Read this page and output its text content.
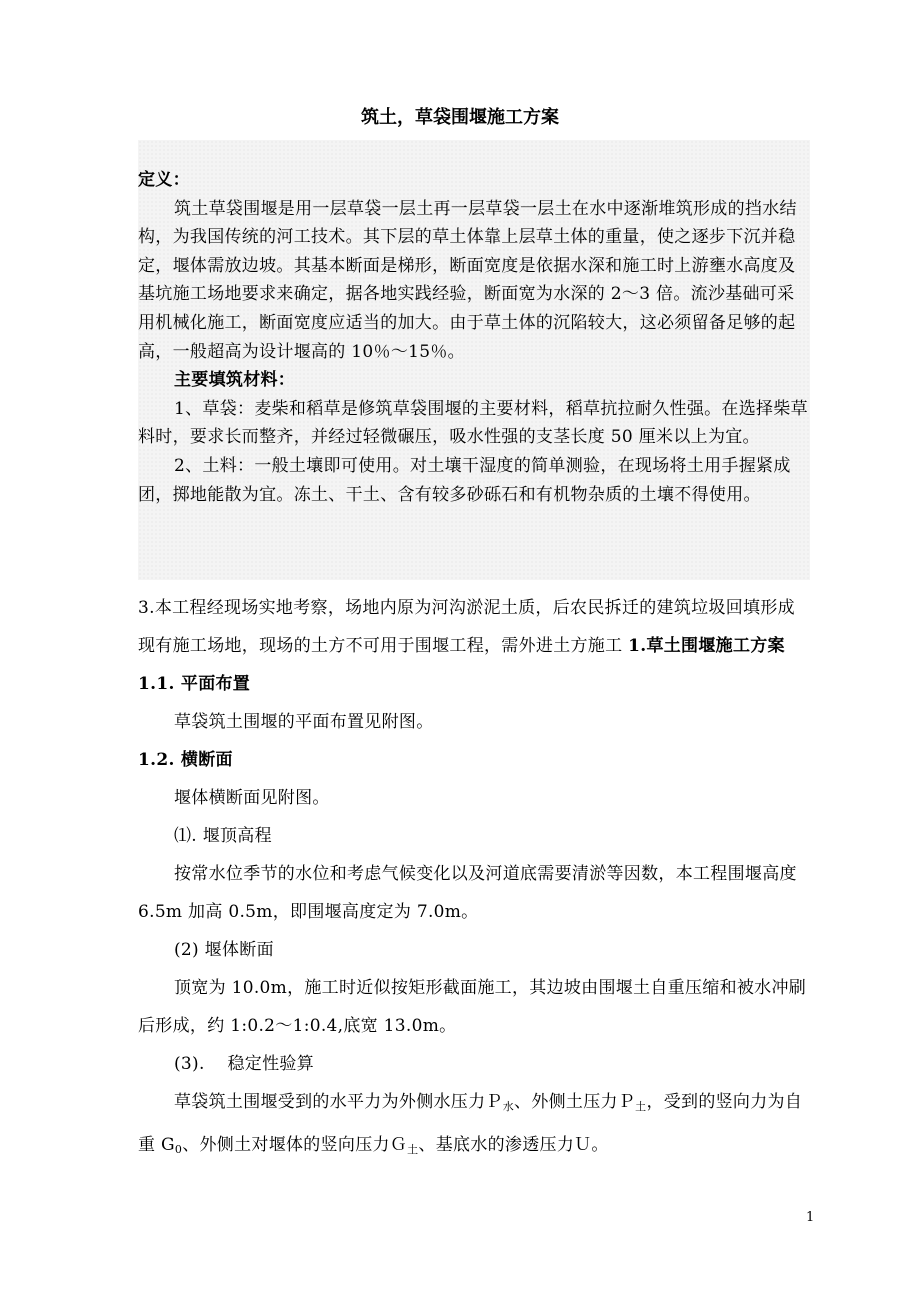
筑土，草袋围堰施工方案

定义：

筑土草袋围堰是用一层草袋一层土再一层草袋一层土在水中逐渐堆筑形成的挡水结构，为我国传统的河工技术。其下层的草土体靠上层草土体的重量，使之逐步下沉并稳定，堰体需放边坡。其基本断面是梯形，断面宽度是依据水深和施工时上游壅水高度及基坑施工场地要求来确定，据各地实践经验，断面宽为水深的 2～3 倍。流沙基础可采用机械化施工，断面宽度应适当的加大。由于草土体的沉陷较大，这必须留备足够的起高，一般超高为设计堰高的 10％～15％。

主要填筑材料：

1、草袋：麦柴和稻草是修筑草袋围堰的主要材料，稻草抗拉耐久性强。在选择柴草料时，要求长而整齐，并经过轻微碾压，吸水性强的支茎长度 50 厘米以上为宜。

2、土料：一般土壤即可使用。对土壤干湿度的简单测验，在现场将土用手握紧成团，掷地能散为宜。冻土、干土、含有较多砂砾石和有机物杂质的土壤不得使用。

3.本工程经现场实地考察，场地内原为河沟淤泥土质，后农民拆迁的建筑垃圾回填形成现有施工场地，现场的土方不可用于围堰工程，需外进土方施工 1.草土围堰施工方案

1.1. 平面布置

草袋筑土围堰的平面布置见附图。

1.2. 横断面

堰体横断面见附图。

⑴. 堰顶高程

按常水位季节的水位和考虑气候变化以及河道底需要清淤等因数，本工程围堰高度 6.5m 加高 0.5m，即围堰高度定为 7.0m。

(2) 堰体断面

顶宽为 10.0m，施工时近似按矩形截面施工，其边坡由围堰土自重压缩和被水冲刷后形成，约 1:0.2～1:0.4,底宽 13.0m。

(3).    稳定性验算

草袋筑土围堰受到的水平力为外侧水压力Ｐ$_水$、外侧土压力Ｐ$_土$，受到的竖向力为自重 $G_0$、外侧土对堰体的竖向压力Ｇ$_土$、基底水的渗透压力Ｕ。

1
